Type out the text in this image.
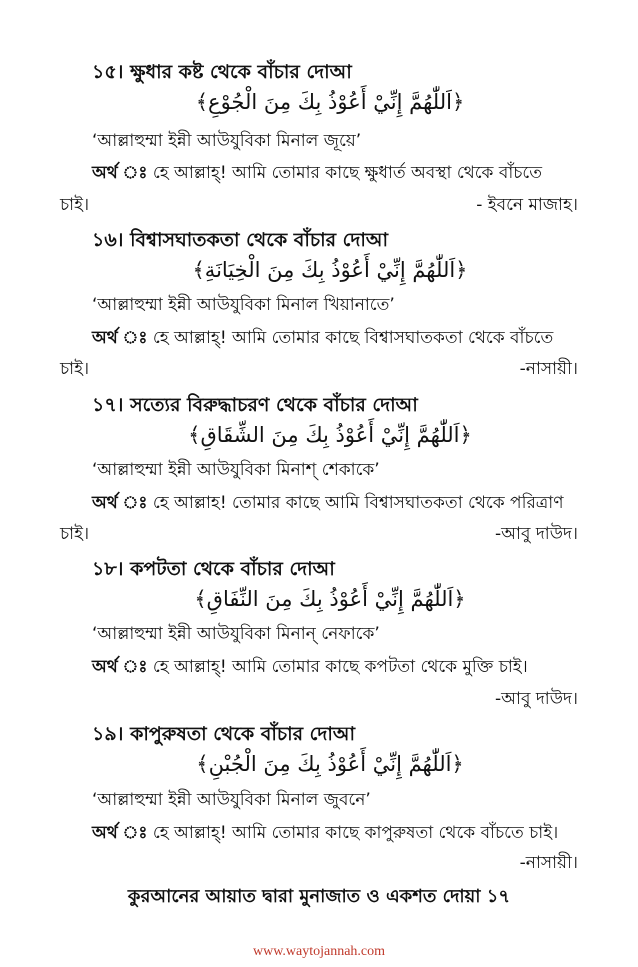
১৫। ক্ষুধার কষ্ট থেকে বাঁচার দোআ
﴿اَللّٰهُمَّ إِنِّيْ أَعُوْذُ بِكَ مِنَ الْجُوْعِ﴾
‘আল্লাহুম্মা ইন্নী আউযুবিকা মিনাল জূয়ে’
অর্থ ঃ হে আল্লাহ্! আমি তোমার কাছে ক্ষুধার্ত অবস্থা থেকে বাঁচতে
চাই।	- ইবনে মাজাহ।
১৬। বিশ্বাসঘাতকতা থেকে বাঁচার দোআ
﴿اَللّٰهُمَّ إِنِّيْ أَعُوْذُ بِكَ مِنَ الْخِيَانَةِ﴾
‘আল্লাহুম্মা ইন্নী আউযুবিকা মিনাল খিয়ানাতে’
অর্থ ঃ হে আল্লাহ্! আমি তোমার কাছে বিশ্বাসঘাতকতা থেকে বাঁচতে
চাই।	-নাসায়ী।
১৭। সত্যের বিরুদ্ধাচরণ থেকে বাঁচার দোআ
﴿اَللّٰهُمَّ إِنِّيْ أَعُوْذُ بِكَ مِنَ الشِّقَاقِ﴾
‘আল্লাহুম্মা ইন্নী আউযুবিকা মিনাশ্ শেকাকে’
অর্থ ঃ হে আল্লাহ! তোমার কাছে আমি বিশ্বাসঘাতকতা থেকে পরিত্রাণ
চাই।	-আবু দাউদ।
১৮। কপটতা থেকে বাঁচার দোআ
﴿اَللّٰهُمَّ إِنِّيْ أَعُوْذُ بِكَ مِنَ النِّفَاقِ﴾
‘আল্লাহুম্মা ইন্নী আউযুবিকা মিনান্ নেফাকে’
অর্থ ঃ হে আল্লাহ্! আমি তোমার কাছে কপটতা থেকে মুক্তি চাই।
-আবু দাউদ।
১৯। কাপুরুষতা থেকে বাঁচার দোআ
﴿اَللّٰهُمَّ إِنِّيْ أَعُوْذُ بِكَ مِنَ الْجُبْنِ﴾
‘আল্লাহুম্মা ইন্নী আউযুবিকা মিনাল জুবনে’
অর্থ ঃ হে আল্লাহ্! আমি তোমার কাছে কাপুরুষতা থেকে বাঁচতে চাই।
-নাসায়ী।
কুরআনের আয়াত দ্বারা মুনাজাত ও একশত দোয়া ১৭
www.waytojannah.com
